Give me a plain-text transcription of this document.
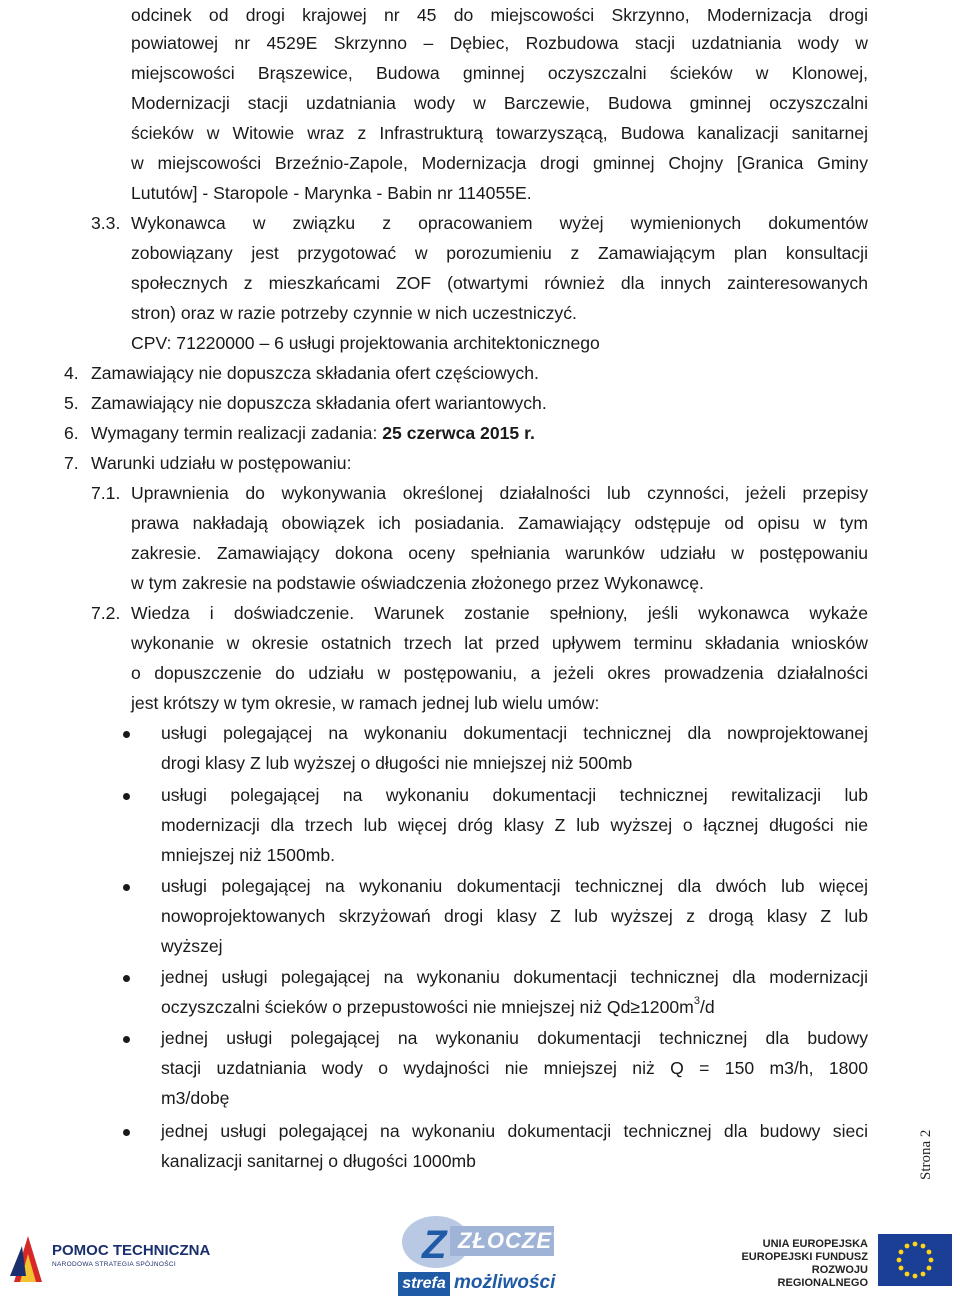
odcinek od drogi krajowej nr 45 do miejscowości Skrzynno, Modernizacja drogi
powiatowej nr 4529E Skrzynno – Dębiec, Rozbudowa stacji uzdatniania wody w
miejscowości Brąszewice, Budowa gminnej oczyszczalni ścieków w Klonowej,
Modernizacji stacji uzdatniania wody w Barczewie, Budowa gminnej oczyszczalni
ścieków w Witowie wraz z Infrastrukturą towarzyszącą, Budowa kanalizacji sanitarnej
w miejscowości Brzeźnio-Zapole, Modernizacja drogi gminnej Chojny [Granica Gminy
Lututów] - Staropole - Marynka - Babin nr 114055E.
3.3. Wykonawca w związku z opracowaniem wyżej wymienionych dokumentów
zobowiązany jest przygotować w porozumieniu z Zamawiającym plan konsultacji
społecznych z mieszkańcami ZOF (otwartymi również dla innych zainteresowanych
stron) oraz w razie potrzeby czynnie w nich uczestniczyć.
CPV: 71220000 – 6 usługi projektowania architektonicznego
4. Zamawiający nie dopuszcza składania ofert częściowych.
5. Zamawiający nie dopuszcza składania ofert wariantowych.
6. Wymagany termin realizacji zadania: 25 czerwca 2015 r.
7. Warunki udziału w postępowaniu:
7.1. Uprawnienia do wykonywania określonej działalności lub czynności, jeżeli przepisy
prawa nakładają obowiązek ich posiadania. Zamawiający odstępuje od opisu w tym
zakresie. Zamawiający dokona oceny spełniania warunków udziału w postępowaniu
w tym zakresie na podstawie oświadczenia złożonego przez Wykonawcę.
7.2. Wiedza i doświadczenie. Warunek zostanie spełniony, jeśli wykonawca wykaże
wykonanie w okresie ostatnich trzech lat przed upływem terminu składania wniosków
o dopuszczenie do udziału w postępowaniu, a jeżeli okres prowadzenia działalności
jest krótszy w tym okresie, w ramach jednej lub wielu umów:
usługi polegającej na wykonaniu dokumentacji technicznej dla nowprojektowanej
drogi klasy Z lub wyższej o długości nie mniejszej niż 500mb
usługi polegającej na wykonaniu dokumentacji technicznej rewitalizacji lub
modernizacji dla trzech lub więcej dróg klasy Z lub wyższej o łącznej długości nie
mniejszej niż 1500mb.
usługi polegającej na wykonaniu dokumentacji technicznej dla dwóch lub więcej
nowoprojektowanych skrzyżowań drogi klasy Z lub wyższej z drogą klasy Z lub
wyższej
jednej usługi polegającej na wykonaniu dokumentacji technicznej dla modernizacji
oczyszczalni ścieków o przepustowości nie mniejszej niż $Qd\ge 1200m^3/d$
jednej usługi polegającej na wykonaniu dokumentacji technicznej dla budowy
stacji uzdatniania wody o wydajności nie mniejszej niż Q = 150 m3/h, 1800
m3/dobę
jednej usługi polegającej na wykonaniu dokumentacji technicznej dla budowy sieci
kanalizacji sanitarnej o długości 1000mb	Strona 2
POMOC TECHNICZNA
NARODOWA STRATEGIA SPÓJNOŚCI	Z ZŁOCZEW
strefa możliwości
UNIA EUROPEJSKA
EUROPEJSKI FUNDUSZ
ROZWOJU REGIONALNEGO
